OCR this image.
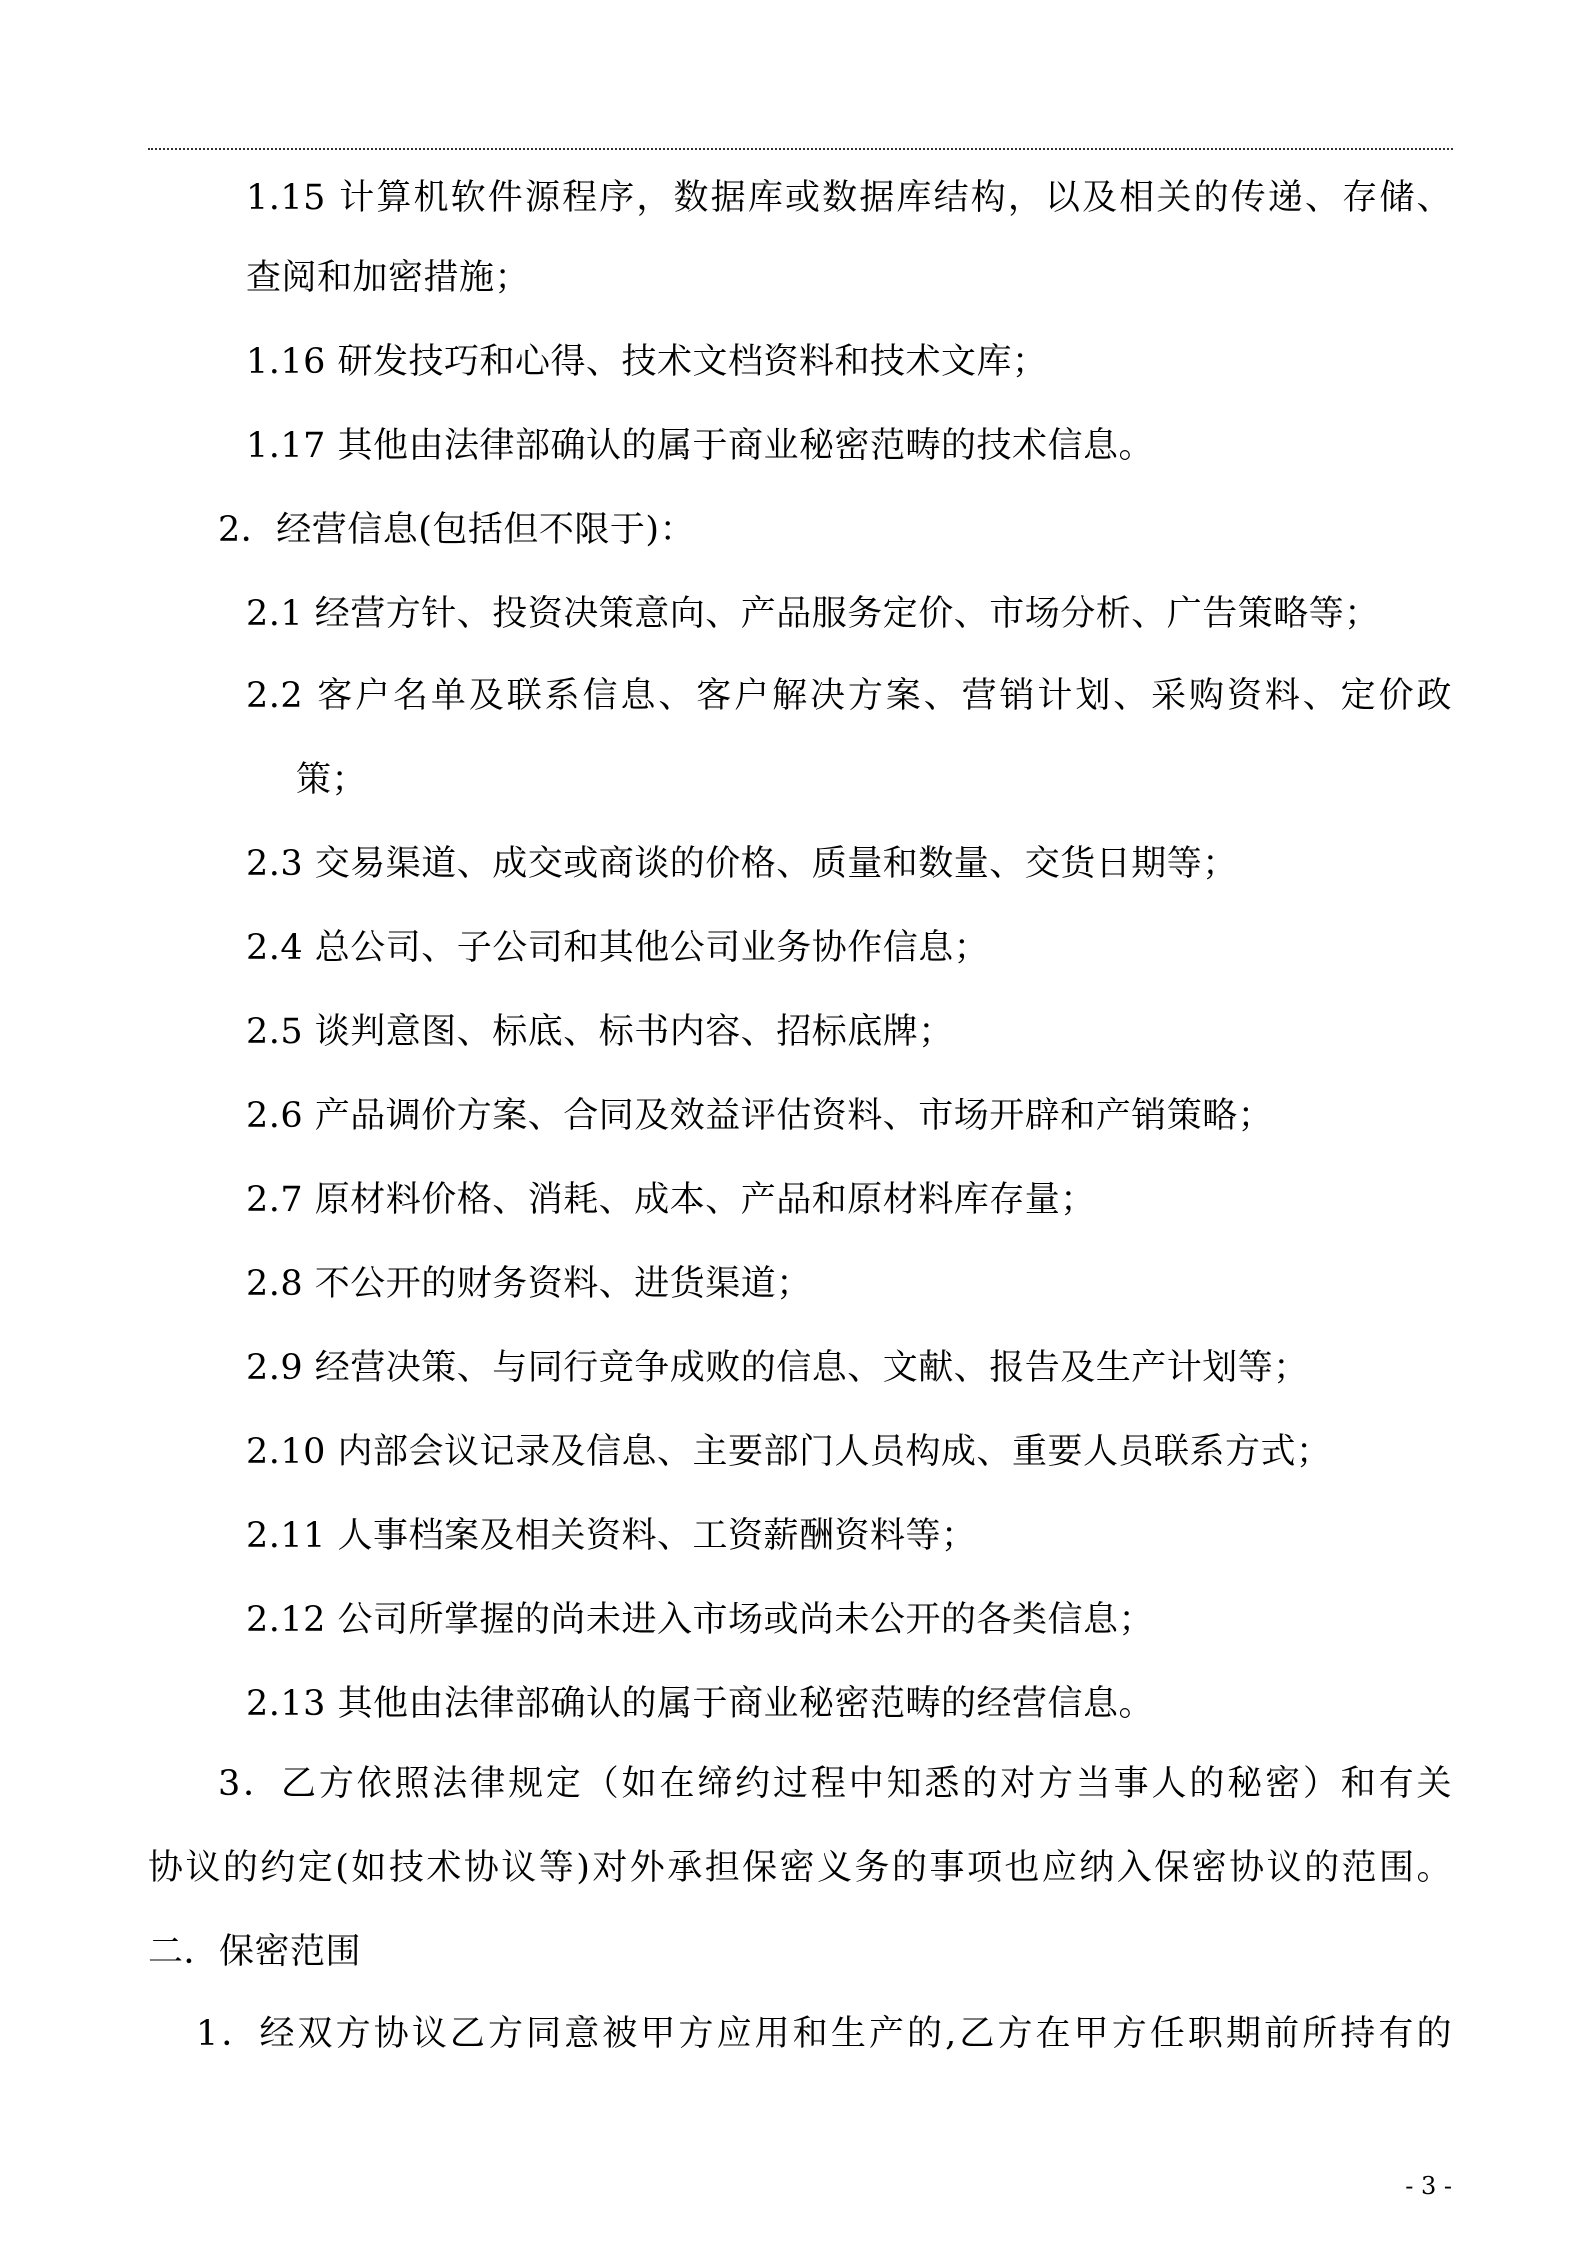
1.15 计算机软件源程序，数据库或数据库结构，以及相关的传递、存储、
查阅和加密措施；
1.16 研发技巧和心得、技术文档资料和技术文库；
1.17 其他由法律部确认的属于商业秘密范畴的技术信息。
2．经营信息(包括但不限于)：
2.1 经营方针、投资决策意向、产品服务定价、市场分析、广告策略等；
2.2 客户名单及联系信息、客户解决方案、营销计划、采购资料、定价政
策；
2.3 交易渠道、成交或商谈的价格、质量和数量、交货日期等；
2.4 总公司、子公司和其他公司业务协作信息；
2.5 谈判意图、标底、标书内容、招标底牌；
2.6 产品调价方案、合同及效益评估资料、市场开辟和产销策略；
2.7 原材料价格、消耗、成本、产品和原材料库存量；
2.8 不公开的财务资料、进货渠道；
2.9 经营决策、与同行竞争成败的信息、文献、报告及生产计划等；
2.10 内部会议记录及信息、主要部门人员构成、重要人员联系方式；
2.11 人事档案及相关资料、工资薪酬资料等；
2.12 公司所掌握的尚未进入市场或尚未公开的各类信息；
2.13 其他由法律部确认的属于商业秘密范畴的经营信息。
3．乙方依照法律规定（如在缔约过程中知悉的对方当事人的秘密）和有关
协议的约定(如技术协议等)对外承担保密义务的事项也应纳入保密协议的范围。
二．保密范围
1．经双方协议乙方同意被甲方应用和生产的,乙方在甲方任职期前所持有的
- 3 -
